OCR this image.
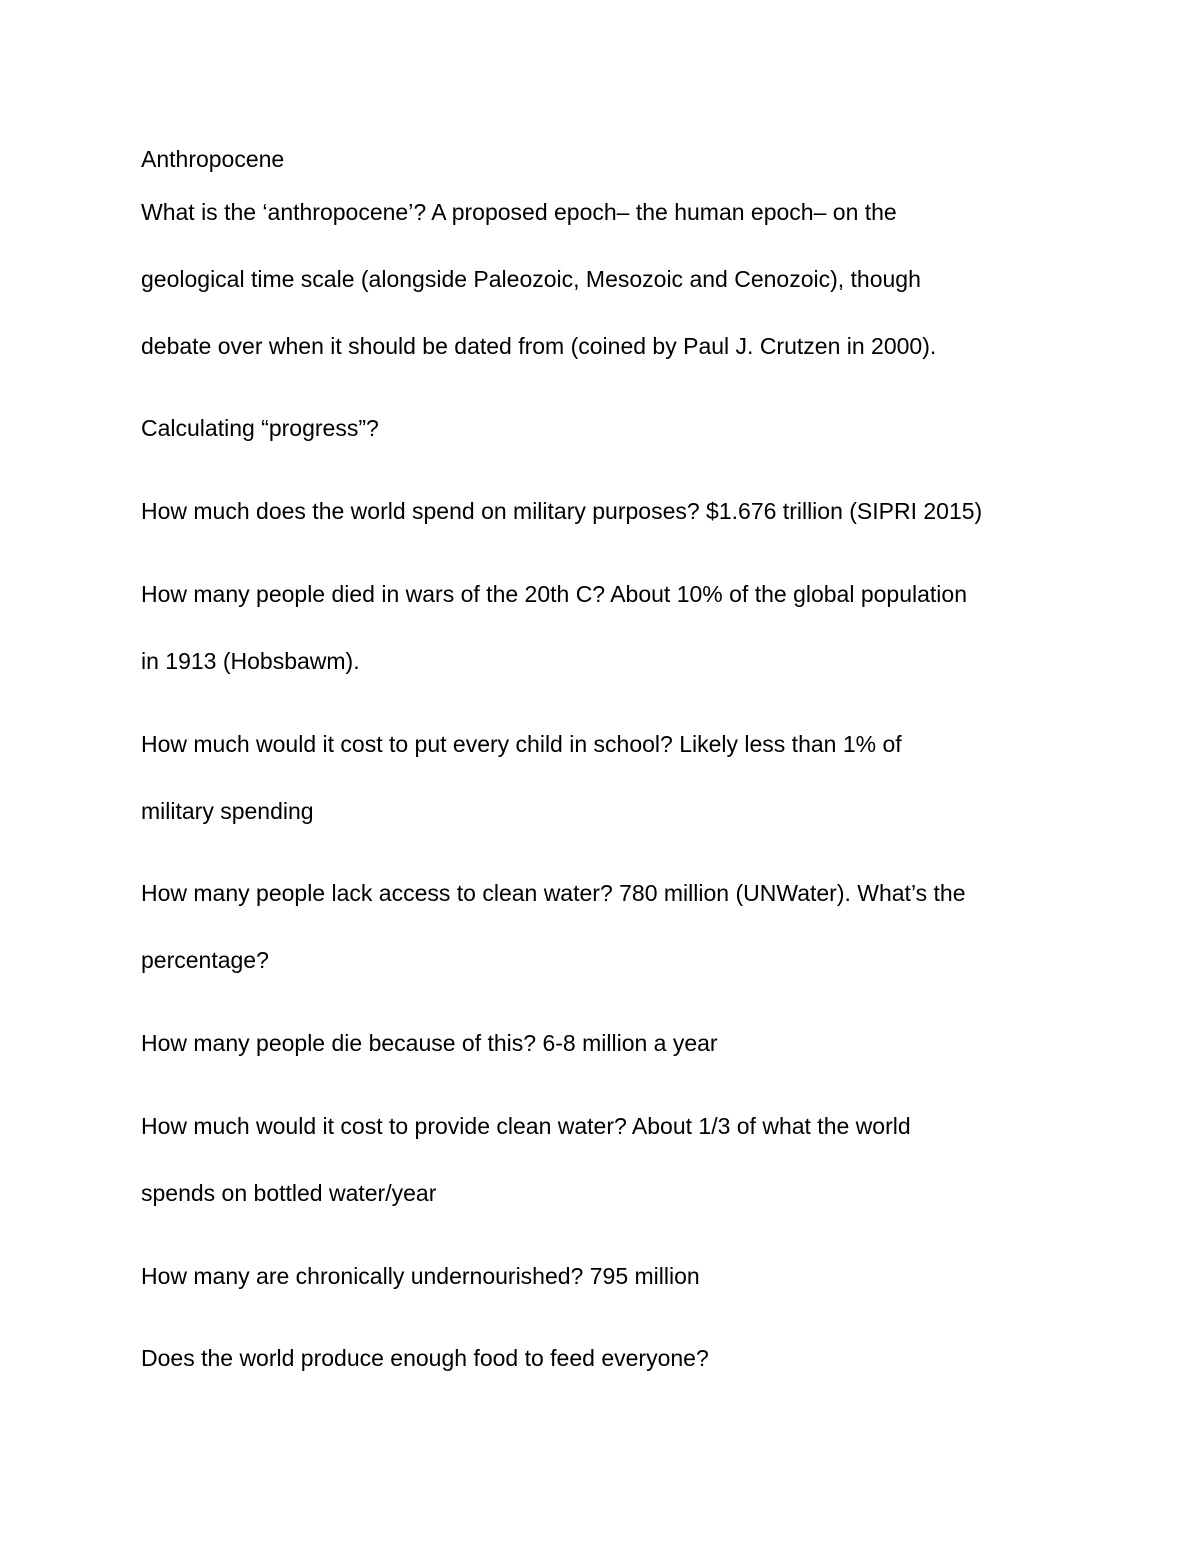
Anthropocene

What is the ‘anthropocene’? A proposed epoch– the human epoch– on the

geological time scale (alongside Paleozoic, Mesozoic and Cenozoic), though

debate over when it should be dated from (coined by Paul J. Crutzen in 2000).

Calculating “progress”?

How much does the world spend on military purposes? $1.676 trillion (SIPRI 2015)

How many people died in wars of the 20th C? About 10% of the global population

in 1913 (Hobsbawm).

How much would it cost to put every child in school? Likely less than 1% of

military spending

How many people lack access to clean water? 780 million (UNWater). What’s the

percentage?

How many people die because of this? 6-8 million a year

How much would it cost to provide clean water? About 1/3 of what the world

spends on bottled water/year

How many are chronically undernourished? 795 million

Does the world produce enough food to feed everyone?
